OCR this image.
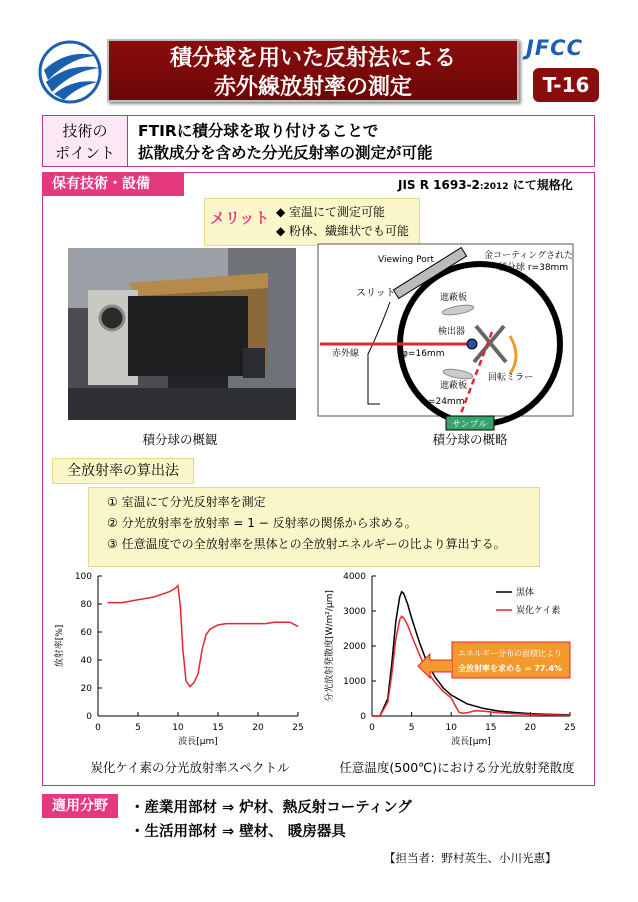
積分球を用いた反射法による
赤外線放射率の測定
JFCC
T-16
技術の
ポイント
FTIRに積分球を取り付けることで
拡散成分を含めた分光反射率の測定が可能
保有技術・設備	JIS R 1693-2:2012 にて規格化
メリット ◆ 室温にて測定可能
◆ 粉体、繊維状でも可能
積分球の概観
Viewing Port	金コーティングされた
積分球 r=38mm
スリット	遮蔽板
検出器
赤外線	φ=16mm
回転ミラー
遮蔽板
φ=24mm
サンプル
積分球の概略
全放射率の算出法
① 室温にて分光反射率を測定
② 分光放射率を放射率 = 1 − 反射率の関係から求める。
③ 任意温度での全放射率を黒体との全放射エネルギーの比より算出する。
0	5	10	15	20	25
0
20
40
60
80
100
波長[μm]
放射率[%]
炭化ケイ素の分光放射率スペクトル
0	5	10	15	20	25
0
1000
2000
3000
4000
波長[μm]
分光放射発散度[W/m²/μm]	黒体
炭化ケイ素
エネルギー分布の面積比より
全放射率を求める = 77.4%
任意温度(500℃)における分光放射発散度
適用分野	・産業用部材 ⇒ 炉材、熱反射コーティング
・生活用部材 ⇒ 壁材、 暖房器具
【担当者：野村英生、小川光惠】
